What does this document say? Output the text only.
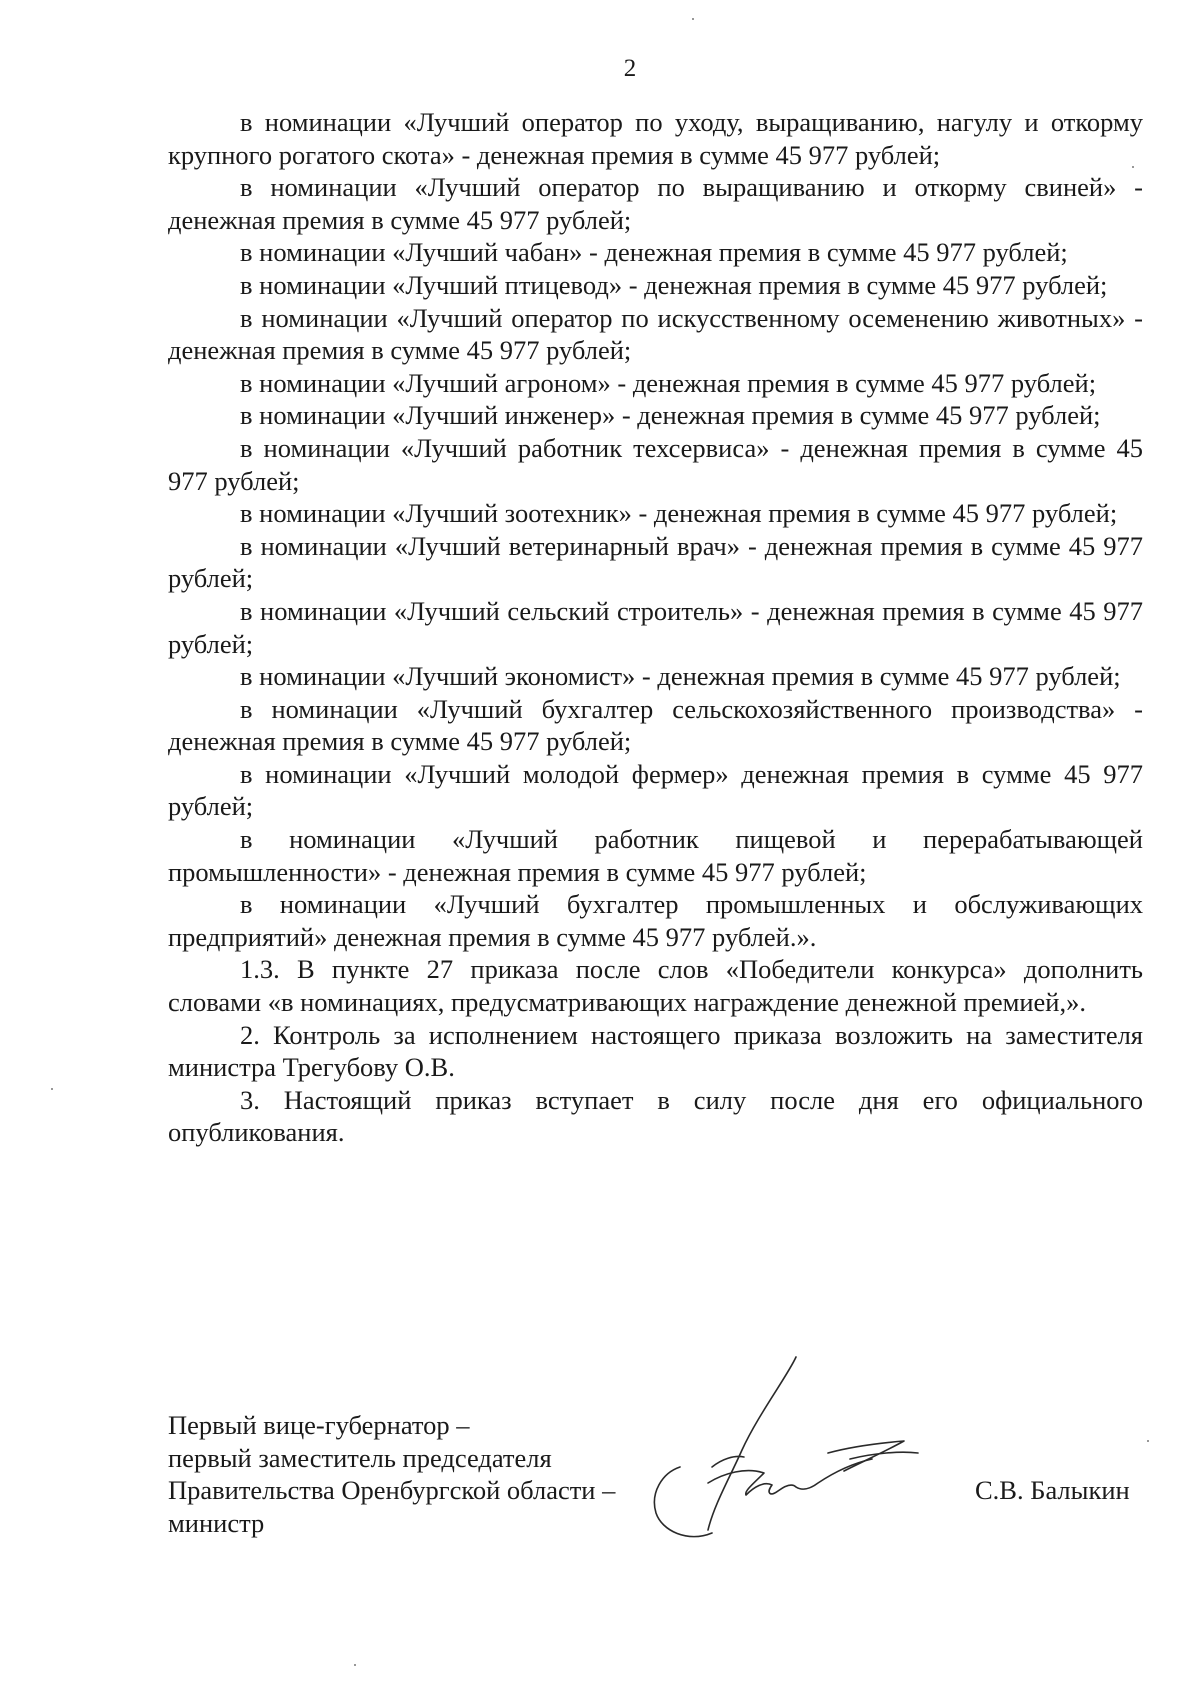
2

в номинации «Лучший оператор по уходу, выращиванию, нагулу и откорму крупного рогатого скота» - денежная премия в сумме 45 977 рублей;

в номинации «Лучший оператор по выращиванию и откорму свиней» - денежная премия в сумме 45 977 рублей;

в номинации «Лучший чабан» - денежная премия в сумме 45 977 рублей;

в номинации «Лучший птицевод» - денежная премия в сумме 45 977 рублей;

в номинации «Лучший оператор по искусственному осеменению животных» - денежная премия в сумме 45 977 рублей;

в номинации «Лучший агроном» - денежная премия в сумме 45 977 рублей;

в номинации «Лучший инженер» - денежная премия в сумме 45 977 рублей;

в номинации «Лучший работник техсервиса» - денежная премия в сумме 45 977 рублей;

в номинации «Лучший зоотехник» - денежная премия в сумме 45 977 рублей;

в номинации «Лучший ветеринарный врач» - денежная премия в сумме 45 977 рублей;

в номинации «Лучший сельский строитель» - денежная премия в сумме 45 977 рублей;

в номинации «Лучший экономист» - денежная премия в сумме 45 977 рублей;

в номинации «Лучший бухгалтер сельскохозяйственного производства» - денежная премия в сумме 45 977 рублей;

в номинации «Лучший молодой фермер» денежная премия в сумме 45 977 рублей;

в номинации «Лучший работник пищевой и перерабатывающей промышленности» - денежная премия в сумме 45 977 рублей;

в номинации «Лучший бухгалтер промышленных и обслуживающих предприятий» денежная премия в сумме 45 977 рублей.».

1.3. В пункте 27 приказа после слов «Победители конкурса» дополнить словами «в номинациях, предусматривающих награждение денежной премией,».

2. Контроль за исполнением настоящего приказа возложить на заместителя министра Трегубову О.В.

3. Настоящий приказ вступает в силу после дня его официального опубликования.

Первый вице-губернатор –
первый заместитель председателя
Правительства Оренбургской области –
министр
С.В. Балыкин
